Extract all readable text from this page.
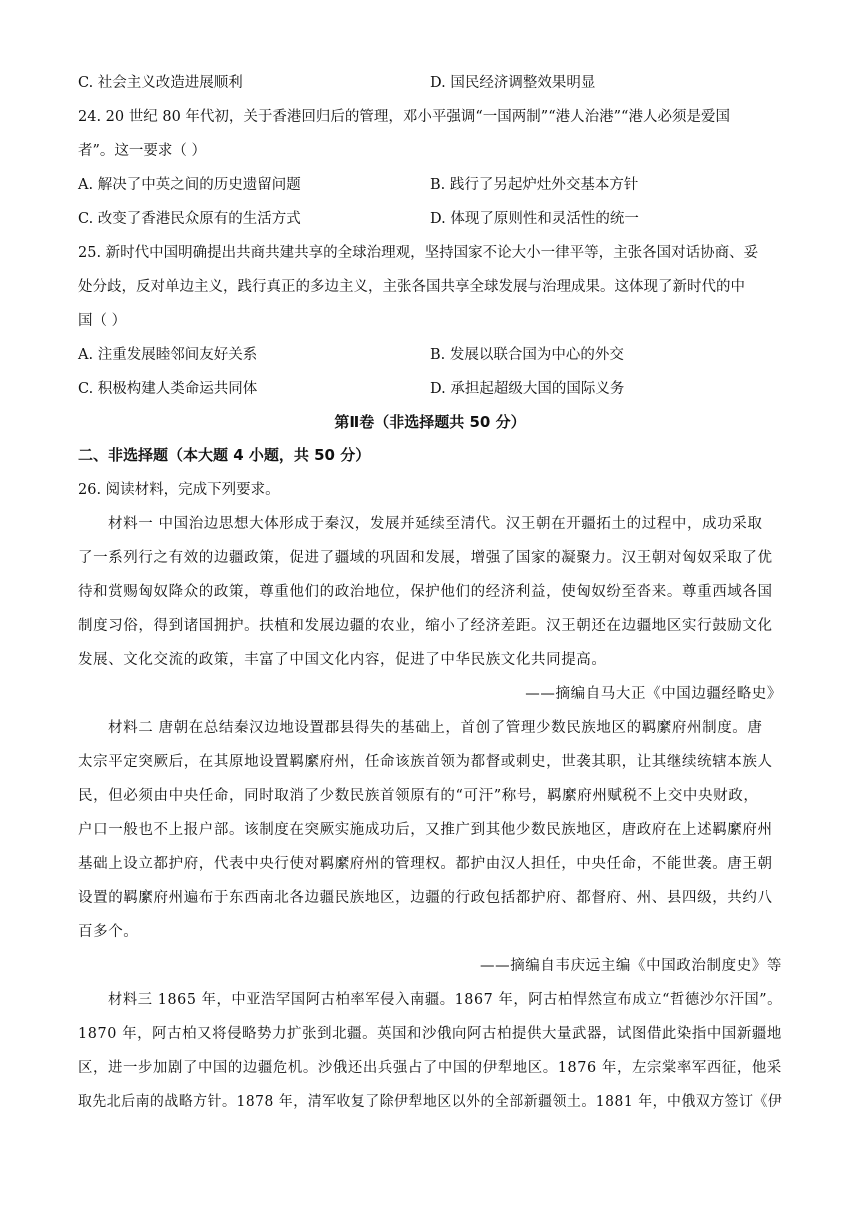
C. 社会主义改造进展顺利	D. 国民经济调整效果明显
24. 20 世纪 80 年代初，关于香港回归后的管理，邓小平强调“一国两制”“港人治港”“港人必须是爱国
者”。这一要求（ ）
A. 解决了中英之间的历史遗留问题	B. 践行了另起炉灶外交基本方针
C. 改变了香港民众原有的生活方式	D. 体现了原则性和灵活性的统一
25. 新时代中国明确提出共商共建共享的全球治理观，坚持国家不论大小一律平等，主张各国对话协商、妥
处分歧，反对单边主义，践行真正的多边主义，主张各国共享全球发展与治理成果。这体现了新时代的中
国（ ）
A. 注重发展睦邻间友好关系	B. 发展以联合国为中心的外交
C. 积极构建人类命运共同体	D. 承担起超级大国的国际义务
第Ⅱ卷（非选择题共 50 分）
二、非选择题（本大题 4 小题，共 50 分）
26. 阅读材料，完成下列要求。
材料一 中国治边思想大体形成于秦汉，发展并延续至清代。汉王朝在开疆拓土的过程中，成功采取
了一系列行之有效的边疆政策，促进了疆域的巩固和发展，增强了国家的凝聚力。汉王朝对匈奴采取了优
待和赏赐匈奴降众的政策，尊重他们的政治地位，保护他们的经济利益，使匈奴纷至沓来。尊重西域各国
制度习俗，得到诸国拥护。扶植和发展边疆的农业，缩小了经济差距。汉王朝还在边疆地区实行鼓励文化
发展、文化交流的政策，丰富了中国文化内容，促进了中华民族文化共同提高。
——摘编自马大正《中国边疆经略史》
材料二 唐朝在总结秦汉边地设置郡县得失的基础上，首创了管理少数民族地区的羁縻府州制度。唐
太宗平定突厥后，在其原地设置羁縻府州，任命该族首领为都督或刺史，世袭其职，让其继续统辖本族人
民，但必须由中央任命，同时取消了少数民族首领原有的“可汗”称号，羁縻府州赋税不上交中央财政，
户口一般也不上报户部。该制度在突厥实施成功后，又推广到其他少数民族地区，唐政府在上述羁縻府州
基础上设立都护府，代表中央行使对羁縻府州的管理权。都护由汉人担任，中央任命，不能世袭。唐王朝
设置的羁縻府州遍布于东西南北各边疆民族地区，边疆的行政包括都护府、都督府、州、县四级，共约八
百多个。
——摘编自韦庆远主编《中国政治制度史》等
材料三 1865 年，中亚浩罕国阿古柏率军侵入南疆。1867 年，阿古柏悍然宣布成立“哲德沙尔汗国”。
1870 年，阿古柏又将侵略势力扩张到北疆。英国和沙俄向阿古柏提供大量武器，试图借此染指中国新疆地
区，进一步加剧了中国的边疆危机。沙俄还出兵强占了中国的伊犁地区。1876 年，左宗棠率军西征，他采
取先北后南的战略方针。1878 年，清军收复了除伊犁地区以外的全部新疆领土。1881 年，中俄双方签订《伊
